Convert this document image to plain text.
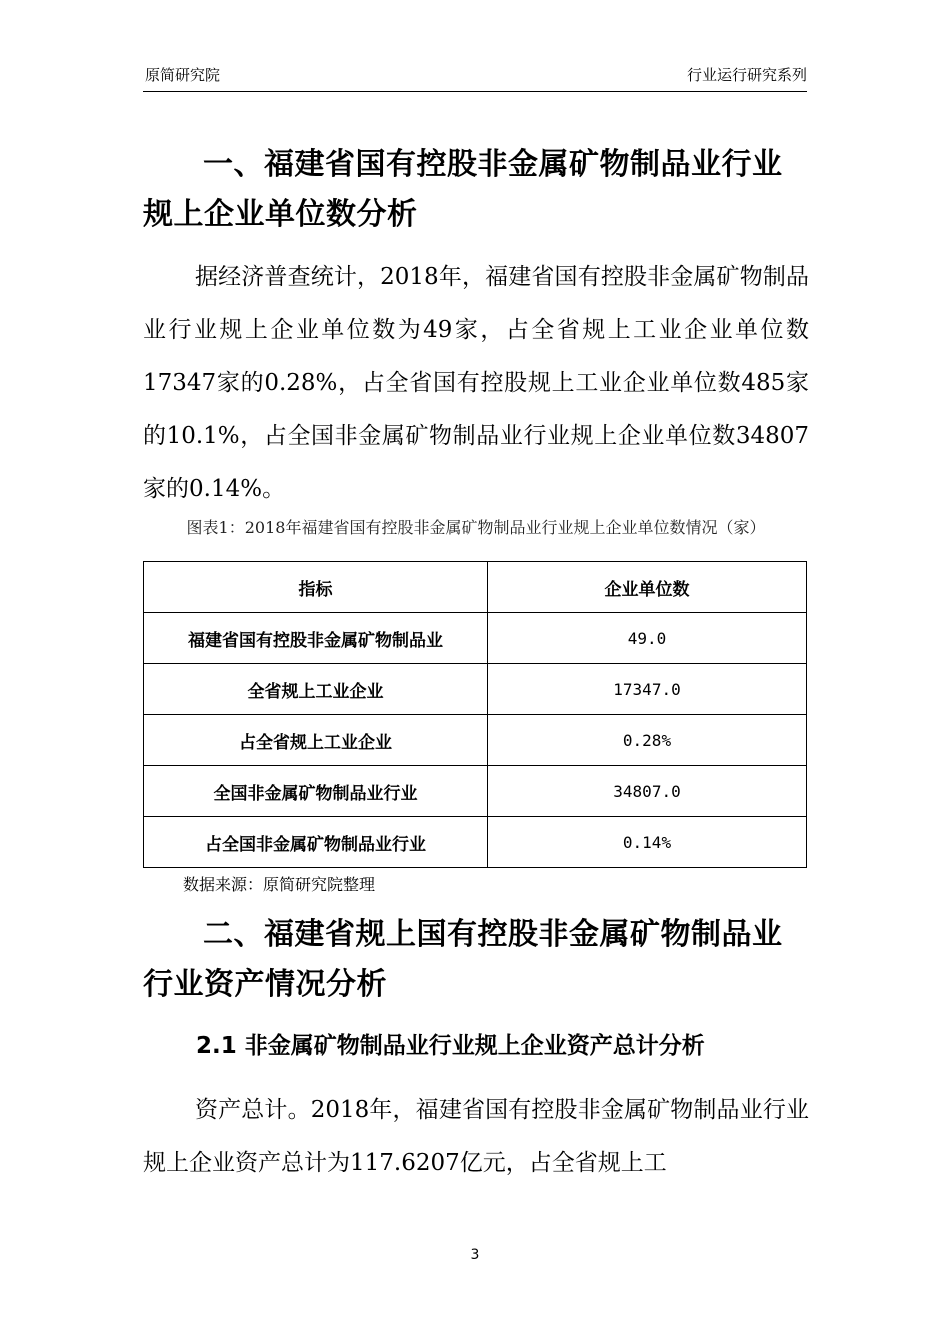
原简研究院	行业运行研究系列
一、福建省国有控股非金属矿物制品业行业规上企业单位数分析
据经济普查统计，2018年，福建省国有控股非金属矿物制品业行业规上企业单位数为49家，占全省规上工业企业单位数17347家的0.28%，占全省国有控股规上工业企业单位数485家的10.1%，占全国非金属矿物制品业行业规上企业单位数34807家的0.14%。
图表1：2018年福建省国有控股非金属矿物制品业行业规上企业单位数情况（家）
指标	企业单位数
福建省国有控股非金属矿物制品业	49.0
全省规上工业企业	17347.0
占全省规上工业企业	0.28%
全国非金属矿物制品业行业	34807.0
占全国非金属矿物制品业行业	0.14%
数据来源：原简研究院整理
二、福建省规上国有控股非金属矿物制品业行业资产情况分析
2.1 非金属矿物制品业行业规上企业资产总计分析
资产总计。2018年，福建省国有控股非金属矿物制品业行业规上企业资产总计为117.6207亿元，占全省规上工
3
